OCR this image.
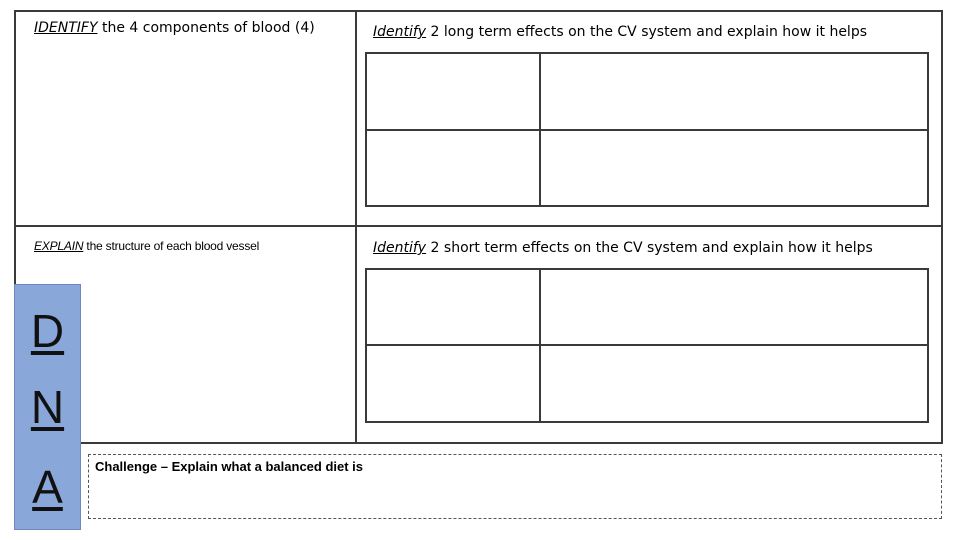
IDENTIFY the 4 components of blood (4)	Identify 2 long term effects on the CV system and explain how it helps
EXPLAIN the structure of each blood vessel	Identify 2 short term effects on the CV system and explain how it helps
Challenge – Explain what a balanced diet is
D
N
A
